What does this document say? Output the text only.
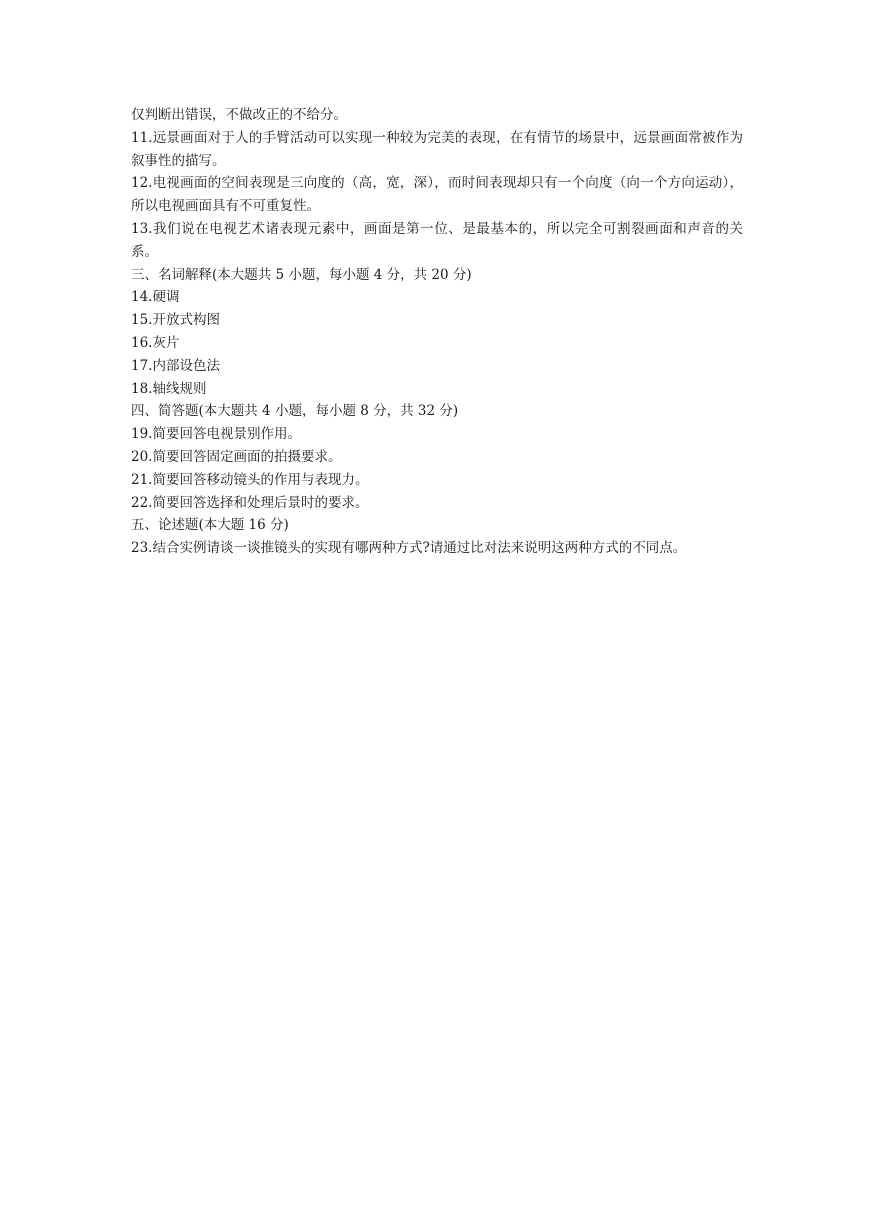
仅判断出错误，不做改正的不给分。
11.远景画面对于人的手臂活动可以实现一种较为完美的表现，在有情节的场景中，远景画面常被作为叙事性的描写。
12.电视画面的空间表现是三向度的（高，宽，深），而时间表现却只有一个向度（向一个方向运动），所以电视画面具有不可重复性。
13.我们说在电视艺术诸表现元素中，画面是第一位、是最基本的，所以完全可割裂画面和声音的关系。
三、名词解释(本大题共 5 小题，每小题 4 分，共 20 分)
14.硬调
15.开放式构图
16.灰片
17.内部设色法
18.轴线规则
四、简答题(本大题共 4 小题，每小题 8 分，共 32 分)
19.简要回答电视景别作用。
20.简要回答固定画面的拍摄要求。
21.简要回答移动镜头的作用与表现力。
22.简要回答选择和处理后景时的要求。
五、论述题(本大题 16 分)
23.结合实例请谈一谈推镜头的实现有哪两种方式?请通过比对法来说明这两种方式的不同点。
